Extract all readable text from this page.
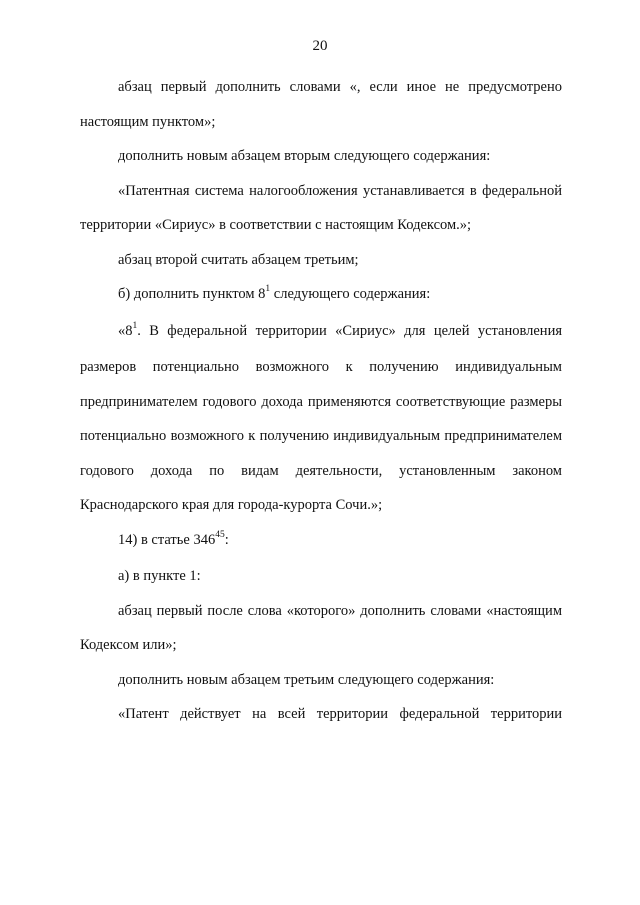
20

абзац первый дополнить словами «, если иное не предусмотрено настоящим пунктом»;

дополнить новым абзацем вторым следующего содержания:

«Патентная система налогообложения устанавливается в федеральной территории «Сириус» в соответствии с настоящим Кодексом.»;

абзац второй считать абзацем третьим;

б) дополнить пунктом $8^1$ следующего содержания:

«$8^1$. В федеральной территории «Сириус» для целей установления размеров потенциально возможного к получению индивидуальным предпринимателем годового дохода применяются соответствующие размеры потенциально возможного к получению индивидуальным предпринимателем годового дохода по видам деятельности, установленным законом Краснодарского края для города-курорта Сочи.»;

14) в статье $346^{45}$:

а) в пункте 1:

абзац первый после слова «которого» дополнить словами «настоящим Кодексом или»;

дополнить новым абзацем третьим следующего содержания:

«Патент действует на всей территории федеральной территории
